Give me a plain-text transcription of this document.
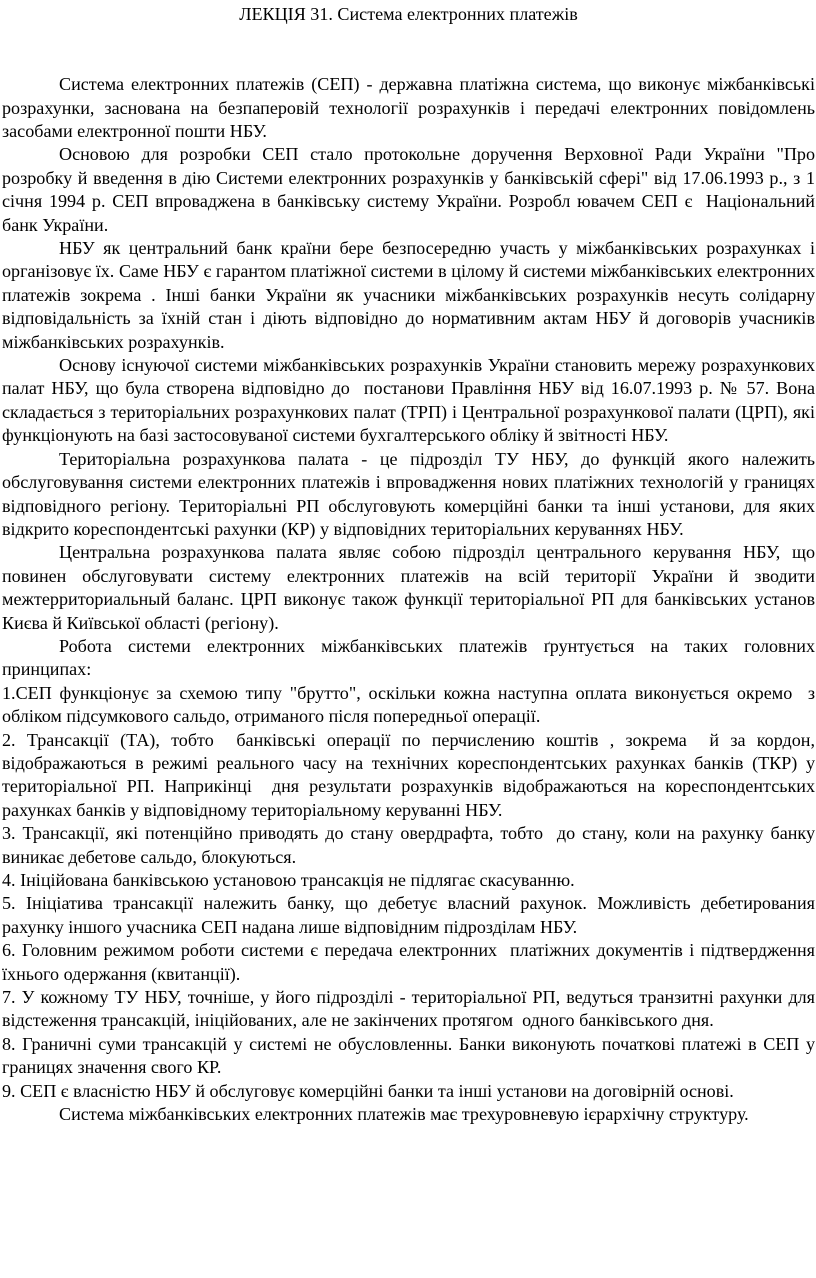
ЛЕКЦІЯ 31. Система електронних платежів

Система електронних платежів (СЕП) - державна платіжна система, що виконує міжбанківські розрахунки, заснована на безпаперовій технології розрахунків і передачі електронних повідомлень засобами електронної пошти НБУ.

Основою для розробки СЕП стало протокольне доручення Верховної Ради України "Про розробку й введення в дію Системи електронних розрахунків у банківській сфері" від 17.06.1993 р., з 1 січня 1994 р. СЕП впроваджена в банківську систему України. Розробл ювачем СЕП є  Національний банк України.

НБУ як центральний банк країни бере безпосередню участь у міжбанківських розрахунках і організовує їх. Саме НБУ є гарантом платіжної системи в цілому й системи міжбанківських електронних платежів зокрема . Інші банки України як учасники міжбанківських розрахунків несуть солідарну відповідальність за їхній стан і діють відповідно до нормативним актам НБУ й договорів учасників міжбанківських розрахунків.

Основу існуючої системи міжбанківських розрахунків України становить мережу розрахункових палат НБУ, що була створена відповідно до  постанови Правління НБУ від 16.07.1993 р. № 57. Вона складається з територіальних розрахункових палат (ТРП) і Центральної розрахункової палати (ЦРП), які функціонують на базі застосовуваної системи бухгалтерського обліку й звітності НБУ.

Територіальна розрахункова палата - це підрозділ ТУ НБУ, до функцій якого належить обслуговування системи електронних платежів і впровадження нових платіжних технологій у границях відповідного регіону. Територіальні РП обслуговують комерційні банки та інші установи, для яких відкрито кореспондентські рахунки (КР) у відповідних територіальних керуваннях НБУ.

Центральна розрахункова палата являє собою підрозділ центрального керування НБУ, що повинен обслуговувати систему електронних платежів на всій території України й зводити межтерриториальный баланс. ЦРП виконує також функції територіальної РП для банківських установ Києва й Київської області (регіону).

Робота системи електронних міжбанківських платежів ґрунтується на таких головних принципах:

1.СЕП функціонує за схемою типу "брутто", оскільки кожна наступна оплата виконується окремо  з обліком підсумкового сальдо, отриманого після попередньої операції.

2. Трансакції (ТА), тобто  банківські операції по перчислению коштів , зокрема  й за кордон, відображаються в режимі реального часу на технічних кореспондентських рахунках банків (ТКР) у територіальної РП. Наприкінці  дня результати розрахунків відображаються на кореспондентських рахунках банків у відповідному територіальному керуванні НБУ.

3. Трансакції, які потенційно приводять до стану овердрафта, тобто  до стану, коли на рахунку банку виникає дебетове сальдо, блокуються.

4. Ініційована банківською установою трансакція не підлягає скасуванню.

5. Ініціатива трансакції належить банку, що дебетує власний рахунок. Можливість дебетирования рахунку іншого учасника СЕП надана лише відповідним підрозділам НБУ.

6. Головним режимом роботи системи є передача електронних  платіжних документів і підтвердження їхнього одержання (квитанції).

7. У кожному ТУ НБУ, точніше, у його підрозділі - територіальної РП, ведуться транзитні рахунки для відстеження трансакцій, ініційованих, але не закінчених протягом  одного банківського дня.

8. Граничні суми трансакцій у системі не обусловленны. Банки виконують початкові платежі в СЕП у границях значення свого КР.

9. СЕП є власністю НБУ й обслуговує комерційні банки та інші установи на договірній основі.

Система міжбанківських електронних платежів має трехуровневую ієрархічну структуру.
